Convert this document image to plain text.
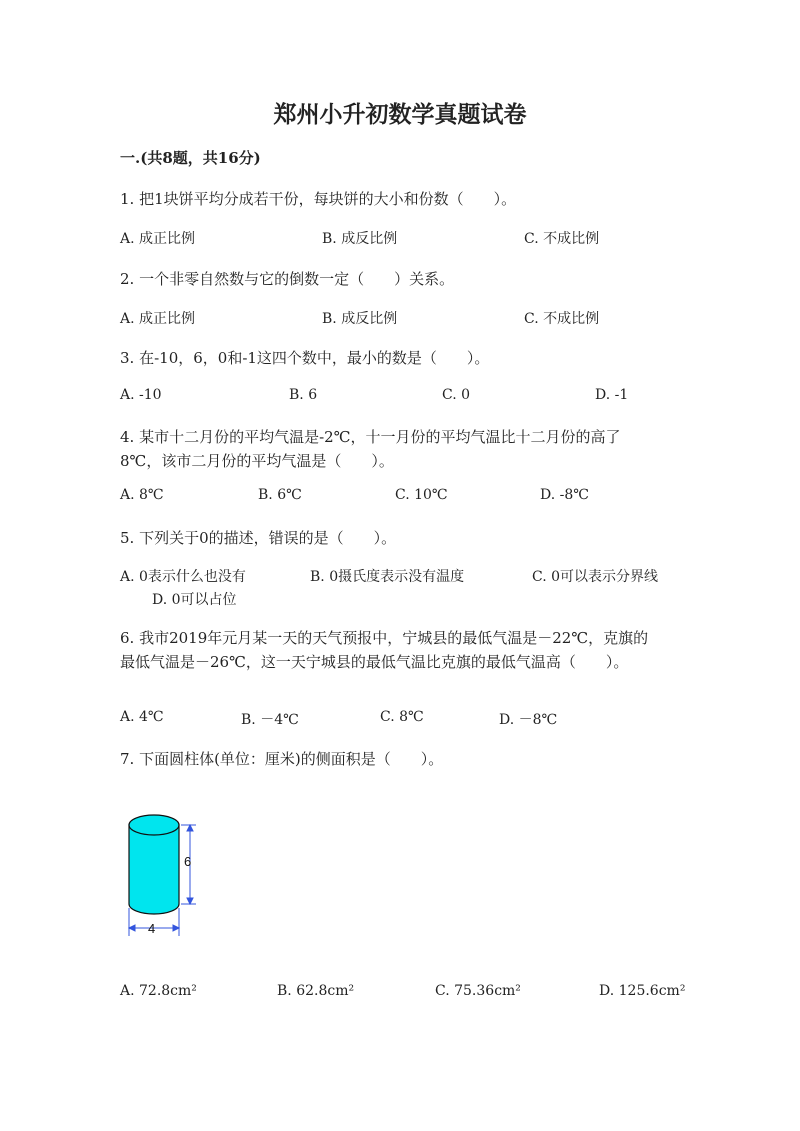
郑州小升初数学真题试卷
一.(共8题，共16分)
1. 把1块饼平均分成若干份，每块饼的大小和份数（　　）。
A. 成正比例	B. 成反比例	C. 不成比例
2. 一个非零自然数与它的倒数一定（　　）关系。
A. 成正比例	B. 成反比例	C. 不成比例
3. 在-10，6，0和-1这四个数中，最小的数是（　　）。
A. -10	B. 6	C. 0	D. -1
4. 某市十二月份的平均气温是-2℃，十一月份的平均气温比十二月份的高了
8℃，该市二月份的平均气温是（　　）。
A. 8℃	B. 6℃	C. 10℃	D. -8℃
5. 下列关于0的描述，错误的是（　　）。
A. 0表示什么也没有	B. 0摄氏度表示没有温度	C. 0可以表示分界线
D. 0可以占位
6. 我市2019年元月某一天的天气预报中，宁城县的最低气温是－22℃，克旗的
最低气温是－26℃，这一天宁城县的最低气温比克旗的最低气温高（　　）。
A. 4℃	B. －4℃	C. 8℃	D. －8℃
7. 下面圆柱体(单位：厘米)的侧面积是（　　）。
6
4
A. 72.8cm²	B. 62.8cm²	C. 75.36cm²	D. 125.6cm²
